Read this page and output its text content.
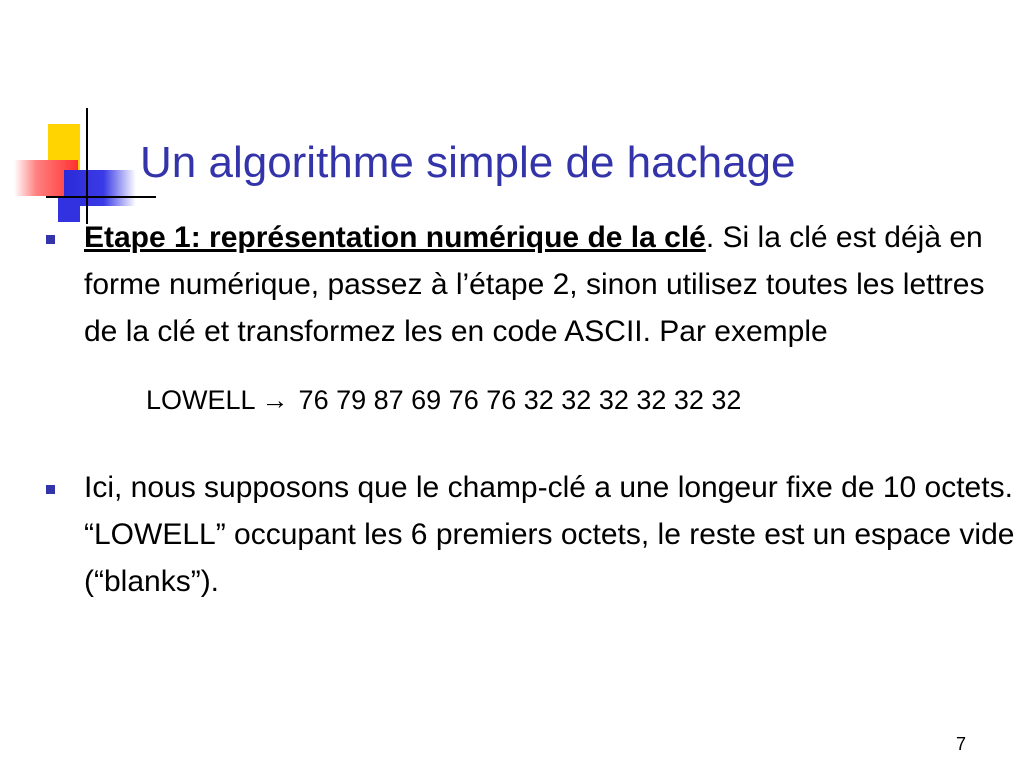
Un algorithme simple de hachage
Etape 1: représentation numérique de la clé. Si la clé est déjà en forme numérique, passez à l’étape 2, sinon utilisez toutes les lettres de la clé et transformez les en code ASCII. Par exemple
LOWELL → 76 79 87 69 76 76 32 32 32 32 32 32
Ici, nous supposons que le champ-clé a une longeur fixe de 10 octets. “LOWELL” occupant les 6 premiers octets, le reste est un espace vide (“blanks”).
7
